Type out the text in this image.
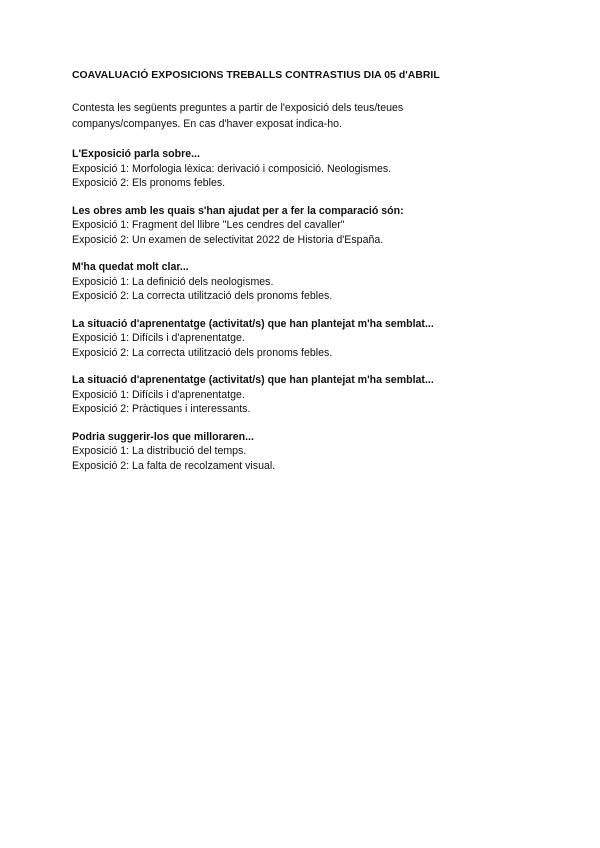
COAVALUACIÓ EXPOSICIONS TREBALLS CONTRASTIUS DIA 05 d'ABRIL

Contesta les següents preguntes a partir de l'exposició dels teus/teues

companys/companyes. En cas d'haver exposat indica-ho.

L'Exposició parla sobre...

Exposició 1: Morfologia lèxica: derivació i composició. Neologismes.

Exposició 2: Els pronoms febles.

Les obres amb les quais s'han ajudat per a fer la comparació són:

Exposició 1: Fragment del llibre "Les cendres del cavaller"

Exposició 2: Un examen de selectivitat 2022 de Historia d'España.

M'ha quedat molt clar...

Exposició 1: La definició dels neologismes.

Exposició 2: La correcta utilització dels pronoms febles.

La situació d'aprenentatge (activitat/s) que han plantejat m'ha semblat...

Exposició 1: Difícils i d'aprenentatge.

Exposició 2: La correcta utilització dels pronoms febles.

La situació d'aprenentatge (activitat/s) que han plantejat m'ha semblat...

Exposició 1: Difícils i d'aprenentatge.

Exposició 2: Pràctiques i interessants.

Podria suggerir-los que milloraren...

Exposició 1: La distribució del temps.

Exposició 2: La falta de recolzament visual.
